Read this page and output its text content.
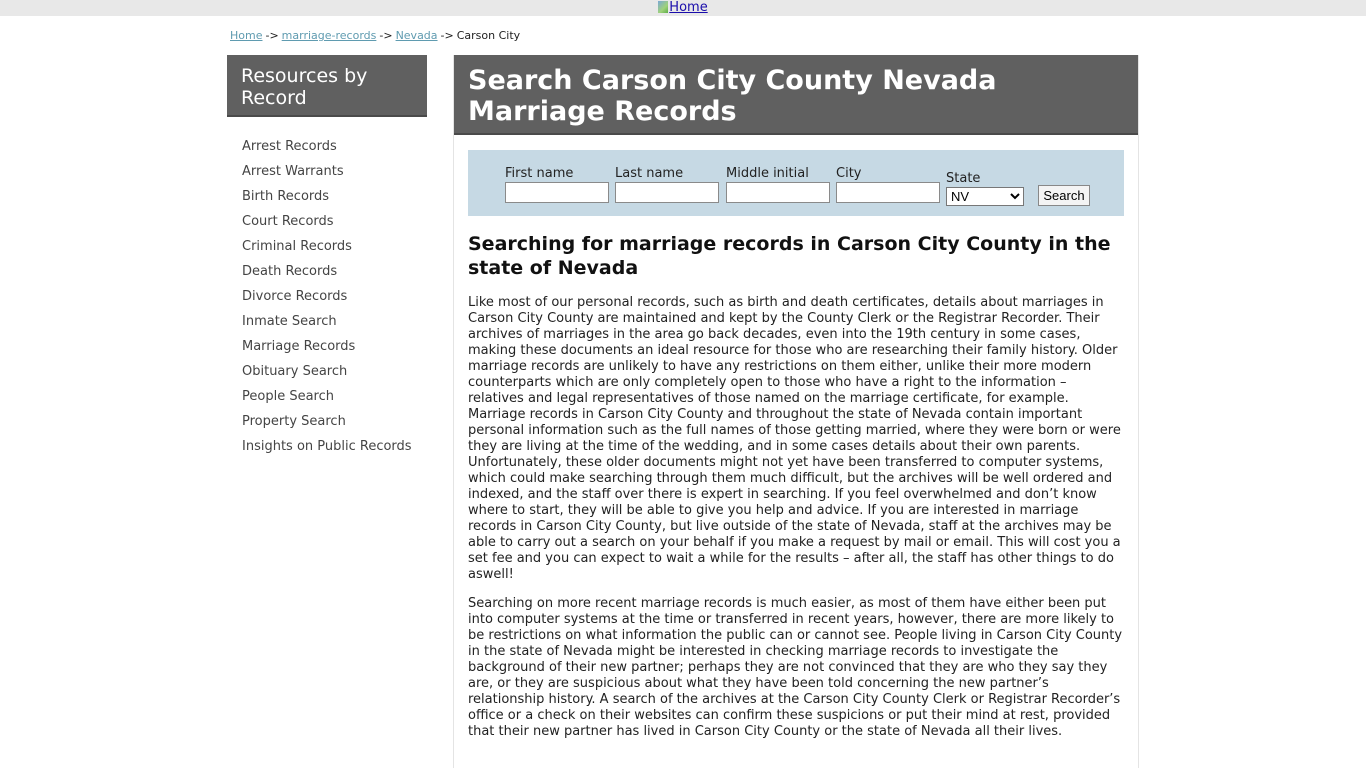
Home
Home -> marriage-records -> Nevada -> Carson City
Resources by Record
Arrest Records
Arrest Warrants
Birth Records
Court Records
Criminal Records
Death Records
Divorce Records
Inmate Search
Marriage Records
Obituary Search
People Search
Property Search
Insights on Public Records
Search Carson City County Nevada Marriage Records
First name	Last name	Middle initial	City	State
NV
Search
Searching for marriage records in Carson City County in the state of Nevada

Like most of our personal records, such as birth and death certificates, details about marriages in Carson City County are maintained and kept by the County Clerk or the Registrar Recorder. Their archives of marriages in the area go back decades, even into the 19th century in some cases, making these documents an ideal resource for those who are researching their family history. Older marriage records are unlikely to have any restrictions on them either, unlike their more modern counterparts which are only completely open to those who have a right to the information – relatives and legal representatives of those named on the marriage certificate, for example. Marriage records in Carson City County and throughout the state of Nevada contain important personal information such as the full names of those getting married, where they were born or were they are living at the time of the wedding, and in some cases details about their own parents. Unfortunately, these older documents might not yet have been transferred to computer systems, which could make searching through them much difficult, but the archives will be well ordered and indexed, and the staff over there is expert in searching. If you feel overwhelmed and don’t know where to start, they will be able to give you help and advice. If you are interested in marriage records in Carson City County, but live outside of the state of Nevada, staff at the archives may be able to carry out a search on your behalf if you make a request by mail or email. This will cost you a set fee and you can expect to wait a while for the results – after all, the staff has other things to do aswell!

Searching on more recent marriage records is much easier, as most of them have either been put into computer systems at the time or transferred in recent years, however, there are more likely to be restrictions on what information the public can or cannot see. People living in Carson City County in the state of Nevada might be interested in checking marriage records to investigate the background of their new partner; perhaps they are not convinced that they are who they say they are, or they are suspicious about what they have been told concerning the new partner’s relationship history. A search of the archives at the Carson City County Clerk or Registrar Recorder’s office or a check on their websites can confirm these suspicions or put their mind at rest, provided that their new partner has lived in Carson City County or the state of Nevada all their lives.
